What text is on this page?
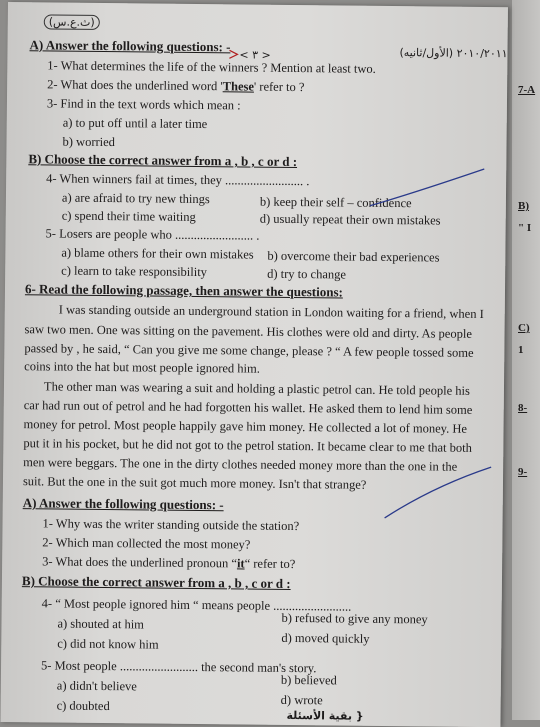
7-A
B)
" I
C)
1
8-
9-
(ث.ع.س)
< ٣ >	(الأول/ثانيه) ٢٠١٠/٢٠١١
A) Answer the following questions: -
1- What determines the life of the winners ? Mention at least two.
2- What does the underlined word 'These' refer to ?
3- Find in the text words which mean :
a) to put off until a later time
b) worried
B) Choose the correct answer from a , b , c or d :
4- When winners fail at times, they ......................... .
a) are afraid to try new things	b) keep their self – confidence
c) spend their time waiting	d) usually repeat their own mistakes
5- Losers are people who ......................... .
a) blame others for their own mistakes b) overcome their bad experiences
c) learn to take responsibility	d) try to change
6- Read the following passage, then answer the questions:
I was standing outside an underground station in London waiting for a friend, when I
saw two men. One was sitting on the pavement. His clothes were old and dirty. As people
passed by , he said, “ Can you give me some change, please ? “ A few people tossed some
coins into the hat but most people ignored him.
The other man was wearing a suit and holding a plastic petrol can. He told people his
car had run out of petrol and he had forgotten his wallet. He asked them to lend him some
money for petrol. Most people happily gave him money. He collected a lot of money. He
put it in his pocket, but he did not got to the petrol station. It became clear to me that both
men were beggars. The one in the dirty clothes needed money more than the one in the
suit. But the one in the suit got much more money. Isn't that strange?
A) Answer the following questions: -
1- Why was the writer standing outside the station?
2- Which man collected the most money?
3- What does the underlined pronoun “it“ refer to?
B) Choose the correct answer from a , b , c or d :
4- “ Most people ignored him “ means people .........................
a) shouted at him	b) refused to give any money
c) did not know him	d) moved quickly
5- Most people ......................... the second man's story.
a) didn't believe	b) believed
c) doubted	d) wrote
بقية الأسئلة }
